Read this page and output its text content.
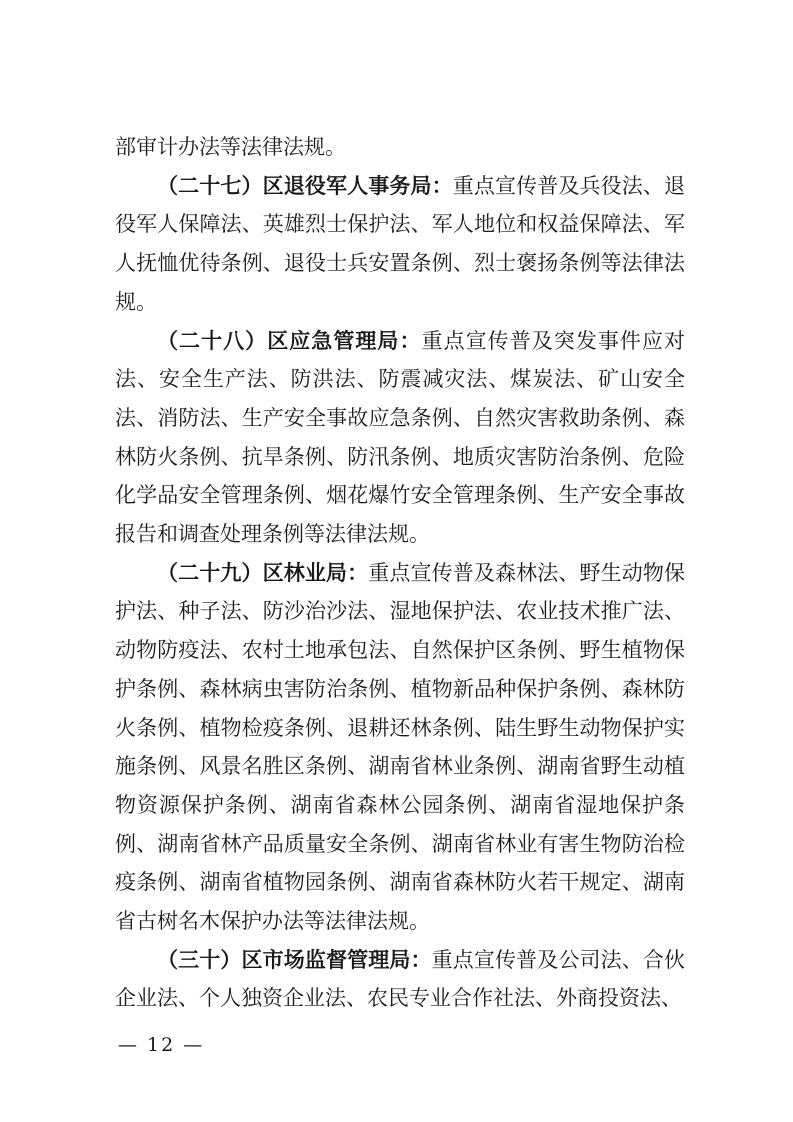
部审计办法等法律法规。

（二十七）区退役军人事务局：重点宣传普及兵役法、退役军人保障法、英雄烈士保护法、军人地位和权益保障法、军人抚恤优待条例、退役士兵安置条例、烈士褒扬条例等法律法规。

（二十八）区应急管理局：重点宣传普及突发事件应对法、安全生产法、防洪法、防震减灾法、煤炭法、矿山安全法、消防法、生产安全事故应急条例、自然灾害救助条例、森林防火条例、抗旱条例、防汛条例、地质灾害防治条例、危险化学品安全管理条例、烟花爆竹安全管理条例、生产安全事故报告和调查处理条例等法律法规。

（二十九）区林业局：重点宣传普及森林法、野生动物保护法、种子法、防沙治沙法、湿地保护法、农业技术推广法、动物防疫法、农村土地承包法、自然保护区条例、野生植物保护条例、森林病虫害防治条例、植物新品种保护条例、森林防火条例、植物检疫条例、退耕还林条例、陆生野生动物保护实施条例、风景名胜区条例、湖南省林业条例、湖南省野生动植物资源保护条例、湖南省森林公园条例、湖南省湿地保护条例、湖南省林产品质量安全条例、湖南省林业有害生物防治检疫条例、湖南省植物园条例、湖南省森林防火若干规定、湖南省古树名木保护办法等法律法规。

（三十）区市场监督管理局：重点宣传普及公司法、合伙企业法、个人独资企业法、农民专业合作社法、外商投资法、

— 12 —
